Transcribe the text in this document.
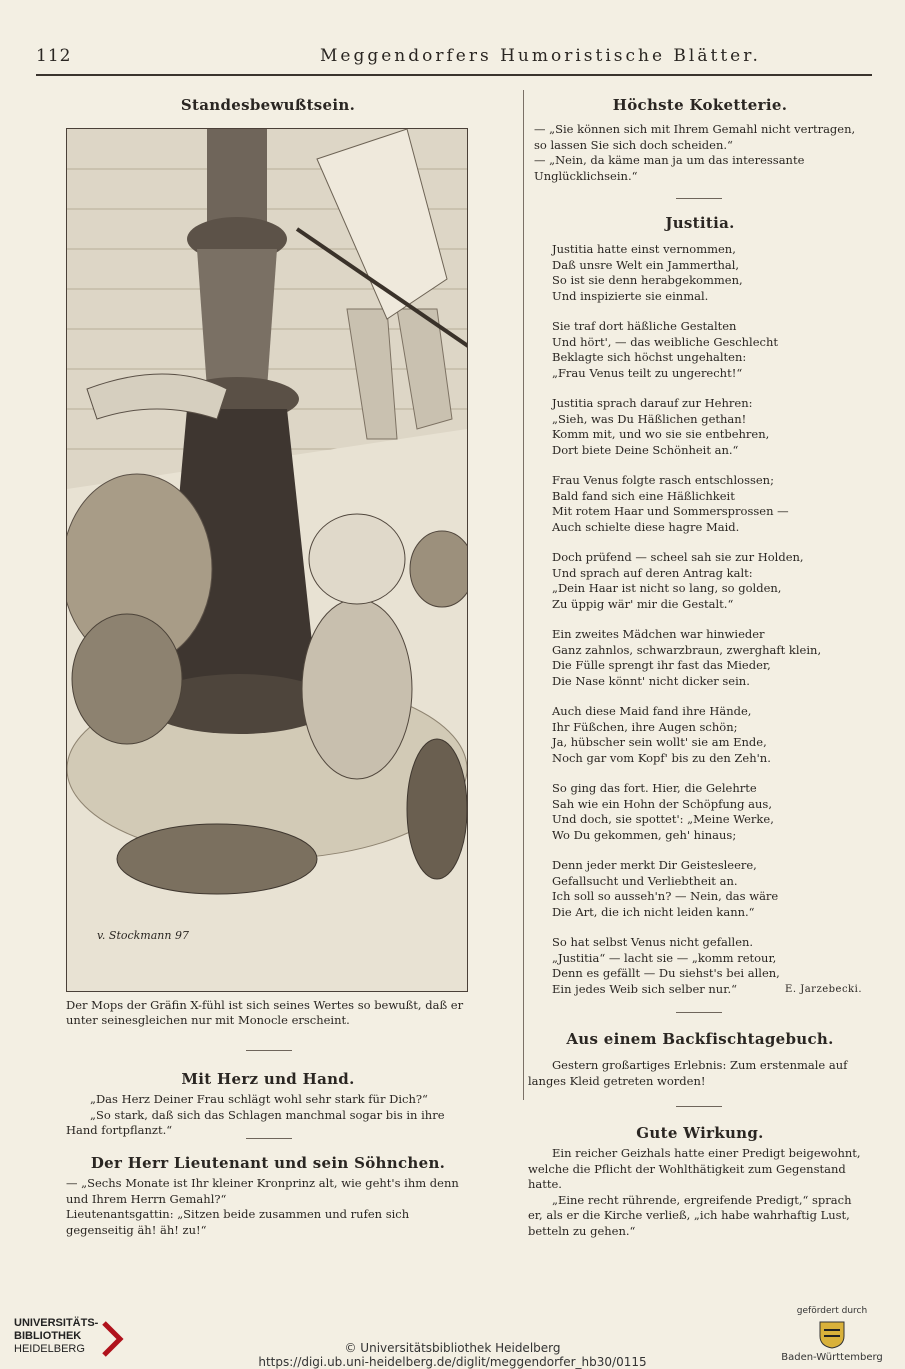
112	Meggendorfers Humoristische Blätter.
Standesbewußtsein.
v. Stockmann 97
Der Mops der Gräfin X-fühl ist sich seines Wertes so bewußt, daß er unter seinesgleichen nur mit Monocle erscheint.
Mit Herz und Hand.

„Das Herz Deiner Frau schlägt wohl sehr stark für Dich?“

„So stark, daß sich das Schlagen manchmal sogar bis in ihre Hand fortpflanzt.“

Der Herr Lieutenant und sein Söhnchen.

— „Sechs Monate ist Ihr kleiner Kronprinz alt, wie geht's ihm denn und Ihrem Herrn Gemahl?“

Lieutenantsgattin: „Sitzen beide zusammen und rufen sich gegenseitig äh! äh! zu!“

Höchste Koketterie.

— „Sie können sich mit Ihrem Gemahl nicht vertragen, so lassen Sie sich doch scheiden.“

— „Nein, da käme man ja um das interessante Unglücklichsein.“

Justitia.

Justitia hatte einst vernommen,
Daß unsre Welt ein Jammerthal,
So ist sie denn herabgekommen,
Und inspizierte sie einmal.

Sie traf dort häßliche Gestalten
Und hört', — das weibliche Geschlecht
Beklagte sich höchst ungehalten:
„Frau Venus teilt zu ungerecht!“

Justitia sprach darauf zur Hehren:
„Sieh, was Du Häßlichen gethan!
Komm mit, und wo sie sie entbehren,
Dort biete Deine Schönheit an.“

Frau Venus folgte rasch entschlossen;
Bald fand sich eine Häßlichkeit
Mit rotem Haar und Sommersprossen —
Auch schielte diese hagre Maid.

Doch prüfend — scheel sah sie zur Holden,
Und sprach auf deren Antrag kalt:
„Dein Haar ist nicht so lang, so golden,
Zu üppig wär' mir die Gestalt.“

Ein zweites Mädchen war hinwieder
Ganz zahnlos, schwarzbraun, zwerghaft klein,
Die Fülle sprengt ihr fast das Mieder,
Die Nase könnt' nicht dicker sein.

Auch diese Maid fand ihre Hände,
Ihr Füßchen, ihre Augen schön;
Ja, hübscher sein wollt' sie am Ende,
Noch gar vom Kopf' bis zu den Zeh'n.

So ging das fort. Hier, die Gelehrte
Sah wie ein Hohn der Schöpfung aus,
Und doch, sie spottet': „Meine Werke,
Wo Du gekommen, geh' hinaus;

Denn jeder merkt Dir Geistesleere,
Gefallsucht und Verliebtheit an.
Ich soll so ausseh'n? — Nein, das wäre
Die Art, die ich nicht leiden kann.“

So hat selbst Venus nicht gefallen.
„Justitia“ — lacht sie — „komm retour,
Denn es gefällt — Du siehst's bei allen,
Ein jedes Weib sich selber nur.“	E. Jarzebecki.

Aus einem Backfischtagebuch.
Gestern großartiges Erlebnis: Zum erstenmale auf langes Kleid getreten worden!
Gute Wirkung.

Ein reicher Geizhals hatte einer Predigt beigewohnt, welche die Pflicht der Wohlthätigkeit zum Gegenstand hatte.

„Eine recht rührende, ergreifende Predigt,“ sprach er, als er die Kirche verließ, „ich habe wahrhaftig Lust, betteln zu gehen.“

UNIVERSITÄTS-
BIBLIOTHEK
HEIDELBERG	© Universitätsbibliothek Heidelberg
https://digi.ub.uni-heidelberg.de/diglit/meggendorfer_hb30/0115
gefördert durch
Baden-Württemberg
